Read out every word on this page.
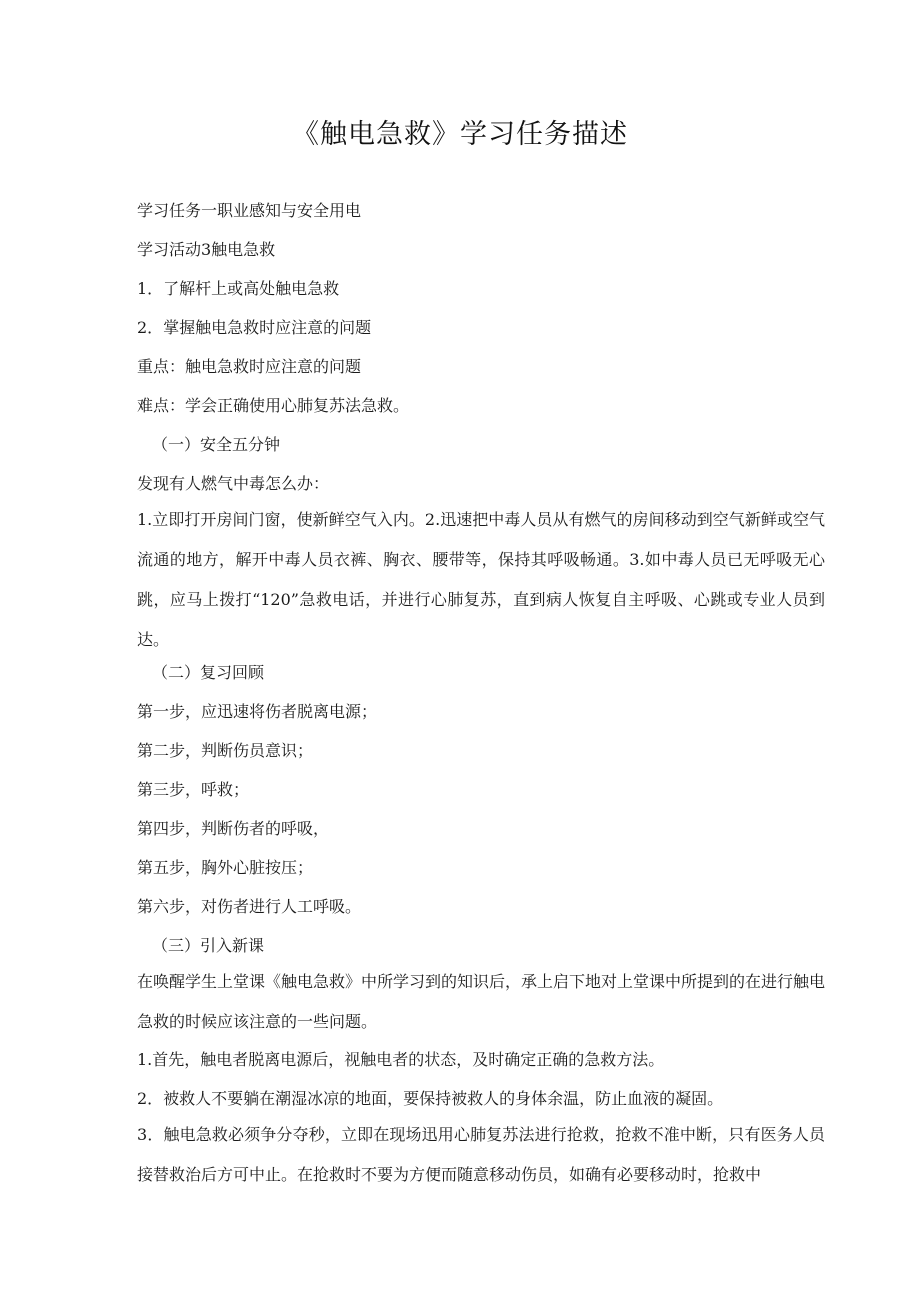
《触电急救》学习任务描述
学习任务一职业感知与安全用电
学习活动3触电急救
1．了解杆上或高处触电急救
2．掌握触电急救时应注意的问题
重点：触电急救时应注意的问题
难点：学会正确使用心肺复苏法急救。
（一）安全五分钟
发现有人燃气中毒怎么办：
1.立即打开房间门窗，使新鲜空气入内。2.迅速把中毒人员从有燃气的房间移动到空气新鲜或空气流通的地方，解开中毒人员衣裤、胸衣、腰带等，保持其呼吸畅通。3.如中毒人员已无呼吸无心跳，应马上拨打“120”急救电话，并进行心肺复苏，直到病人恢复自主呼吸、心跳或专业人员到达。
（二）复习回顾
第一步，应迅速将伤者脱离电源；
第二步，判断伤员意识；
第三步，呼救；
第四步，判断伤者的呼吸，
第五步，胸外心脏按压；
第六步，对伤者进行人工呼吸。
（三）引入新课
在唤醒学生上堂课《触电急救》中所学习到的知识后，承上启下地对上堂课中所提到的在进行触电急救的时候应该注意的一些问题。
1.首先，触电者脱离电源后，视触电者的状态，及时确定正确的急救方法。
2．被救人不要躺在潮湿冰凉的地面，要保持被救人的身体余温，防止血液的凝固。
3．触电急救必须争分夺秒，立即在现场迅用心肺复苏法进行抢救，抢救不准中断，只有医务人员接替救治后方可中止。在抢救时不要为方便而随意移动伤员，如确有必要移动时，抢救中
